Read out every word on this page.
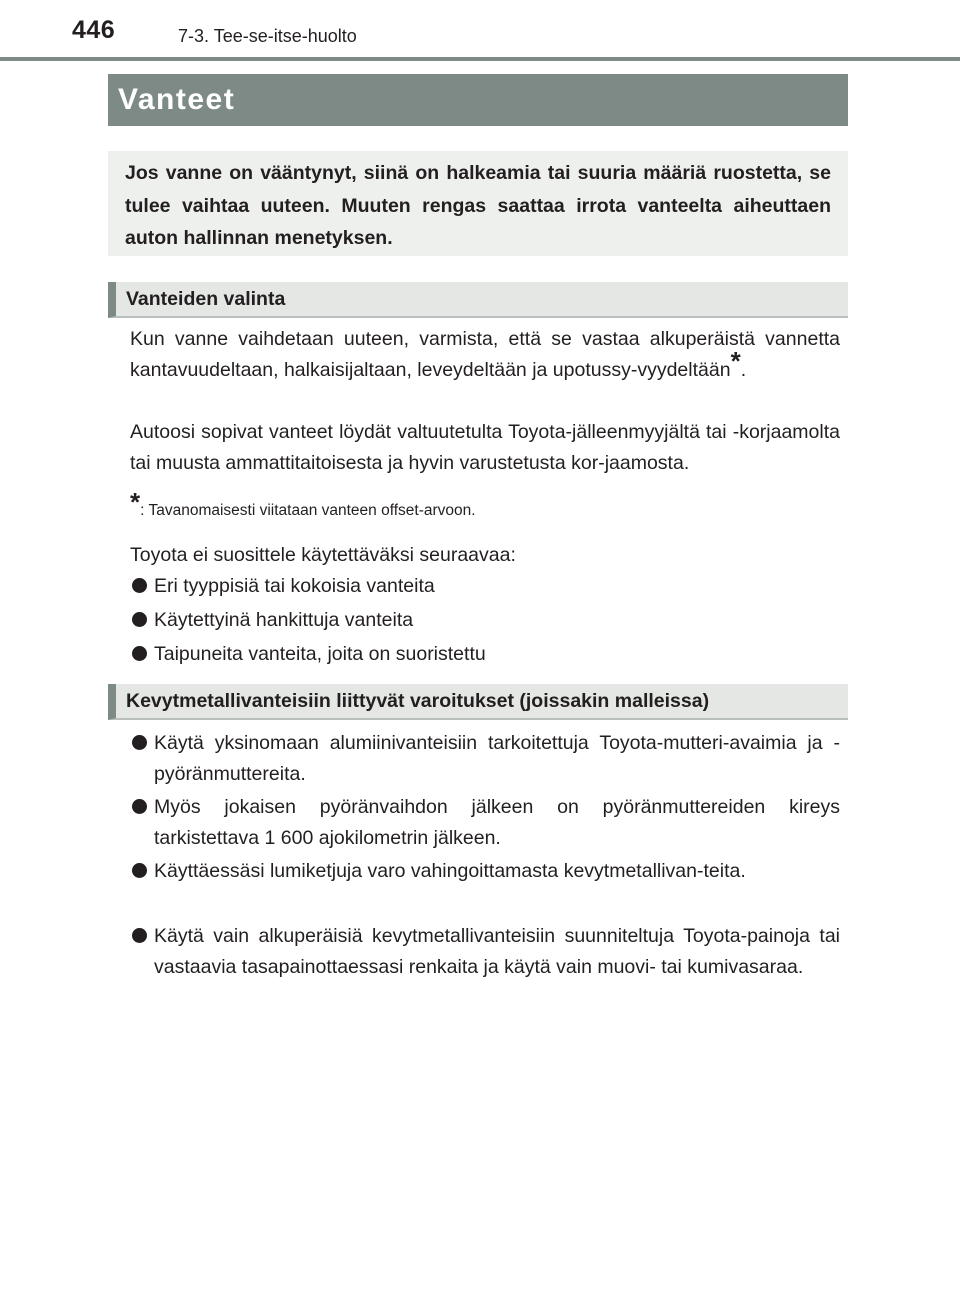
446	7-3. Tee-se-itse-huolto
Vanteet
Jos vanne on vääntynyt, siinä on halkeamia tai suuria määriä ruostetta, se tulee vaihtaa uuteen. Muuten rengas saattaa irrota vanteelta aiheuttaen auton hallinnan menetyksen.
Vanteiden valinta
Kun vanne vaihdetaan uuteen, varmista, että se vastaa alkuperäistä vannetta kantavuudeltaan, halkaisijaltaan, leveydeltään ja upotussy-vyydeltään*.
Autoosi sopivat vanteet löydät valtuutetulta Toyota-jälleenmyyjältä tai -korjaamolta tai muusta ammattitaitoisesta ja hyvin varustetusta kor-jaamosta.
*: Tavanomaisesti viitataan vanteen offset-arvoon.
Toyota ei suosittele käytettäväksi seuraavaa:
Eri tyyppisiä tai kokoisia vanteita
Käytettyinä hankittuja vanteita
Taipuneita vanteita, joita on suoristettu
Kevytmetallivanteisiin liittyvät varoitukset (joissakin malleissa)
Käytä yksinomaan alumiinivanteisiin tarkoitettuja Toyota-mutteri-avaimia ja -pyöränmuttereita.
Myös jokaisen pyöränvaihdon jälkeen on pyöränmuttereiden kireys tarkistettava 1 600 ajokilometrin jälkeen.
Käyttäessäsi lumiketjuja varo vahingoittamasta kevytmetallivan-teita.
Käytä vain alkuperäisiä kevytmetallivanteisiin suunniteltuja Toyota-painoja tai vastaavia tasapainottaessasi renkaita ja käytä vain muovi- tai kumivasaraa.
